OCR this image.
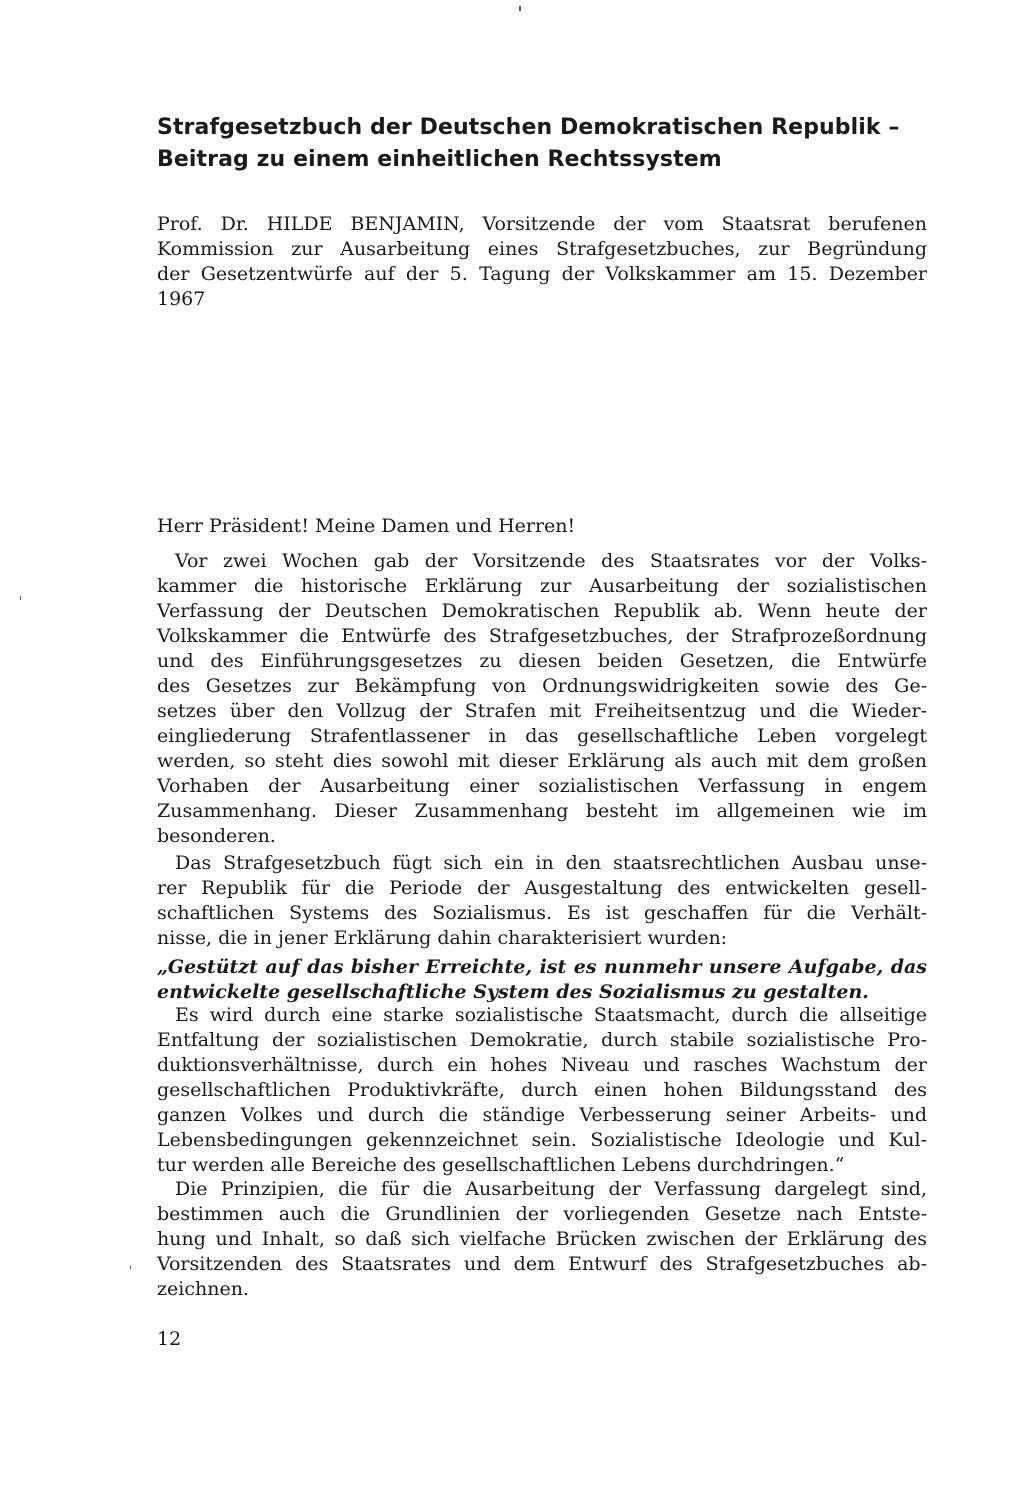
Strafgesetzbuch der Deutschen Demokratischen Republik –
Beitrag zu einem einheitlichen Rechtssystem
Prof. Dr. HILDE BENJAMIN, Vorsitzende der vom Staatsrat berufenen
Kommission zur Ausarbeitung eines Strafgesetzbuches, zur Begründung
der Gesetzentwürfe auf der 5. Tagung der Volkskammer am 15. Dezember
1967
Herr Präsident! Meine Damen und Herren!
Vor zwei Wochen gab der Vorsitzende des Staatsrates vor der Volks-
kammer die historische Erklärung zur Ausarbeitung der sozialistischen
Verfassung der Deutschen Demokratischen Republik ab. Wenn heute der
Volkskammer die Entwürfe des Strafgesetzbuches, der Strafprozeßordnung
und des Einführungsgesetzes zu diesen beiden Gesetzen, die Entwürfe
des Gesetzes zur Bekämpfung von Ordnungswidrigkeiten sowie des Ge-
setzes über den Vollzug der Strafen mit Freiheitsentzug und die Wieder-
eingliederung Strafentlassener in das gesellschaftliche Leben vorgelegt
werden, so steht dies sowohl mit dieser Erklärung als auch mit dem großen
Vorhaben der Ausarbeitung einer sozialistischen Verfassung in engem
Zusammenhang. Dieser Zusammenhang besteht im allgemeinen wie im
besonderen.
Das Strafgesetzbuch fügt sich ein in den staatsrechtlichen Ausbau unse-
rer Republik für die Periode der Ausgestaltung des entwickelten gesell-
schaftlichen Systems des Sozialismus. Es ist geschaffen für die Verhält-
nisse, die in jener Erklärung dahin charakterisiert wurden:
„Gestützt auf das bisher Erreichte, ist es nunmehr unsere Aufgabe, das
entwickelte gesellschaftliche System des Sozialismus zu gestalten.
Es wird durch eine starke sozialistische Staatsmacht, durch die allseitige
Entfaltung der sozialistischen Demokratie, durch stabile sozialistische Pro-
duktionsverhältnisse, durch ein hohes Niveau und rasches Wachstum der
gesellschaftlichen Produktivkräfte, durch einen hohen Bildungsstand des
ganzen Volkes und durch die ständige Verbesserung seiner Arbeits- und
Lebensbedingungen gekennzeichnet sein. Sozialistische Ideologie und Kul-
tur werden alle Bereiche des gesellschaftlichen Lebens durchdringen.“
Die Prinzipien, die für die Ausarbeitung der Verfassung dargelegt sind,
bestimmen auch die Grundlinien der vorliegenden Gesetze nach Entste-
hung und Inhalt, so daß sich vielfache Brücken zwischen der Erklärung des
Vorsitzenden des Staatsrates und dem Entwurf des Strafgesetzbuches ab-
zeichnen.
12
